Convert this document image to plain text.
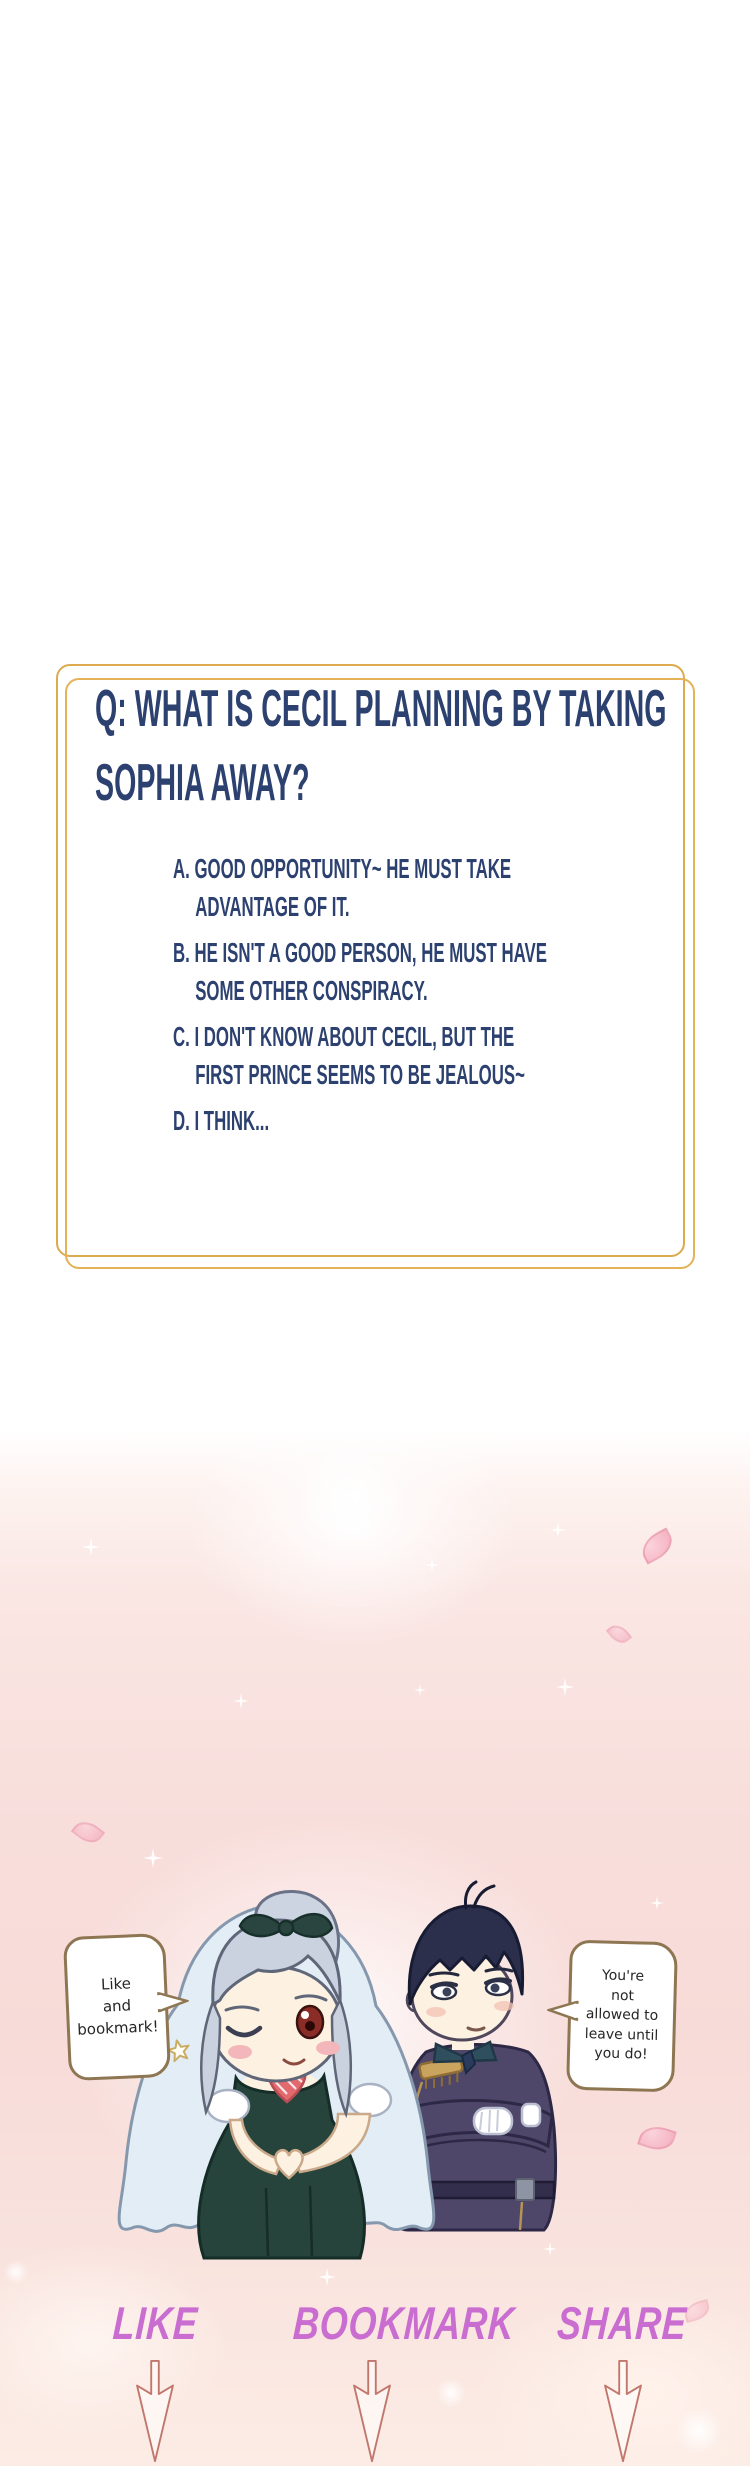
Q: WHAT IS CECIL PLANNING BY TAKING
SOPHIA AWAY?
A. GOOD OPPORTUNITY~ HE MUST TAKE
ADVANTAGE OF IT.
B. HE ISN'T A GOOD PERSON, HE MUST HAVE
SOME OTHER CONSPIRACY.
C. I DON'T KNOW ABOUT CECIL, BUT THE
FIRST PRINCE SEEMS TO BE JEALOUS~
D. I THINK...
Like
and
bookmark!
You're
not
allowed to
leave until
you do!
LIKE	BOOKMARK SHARE
